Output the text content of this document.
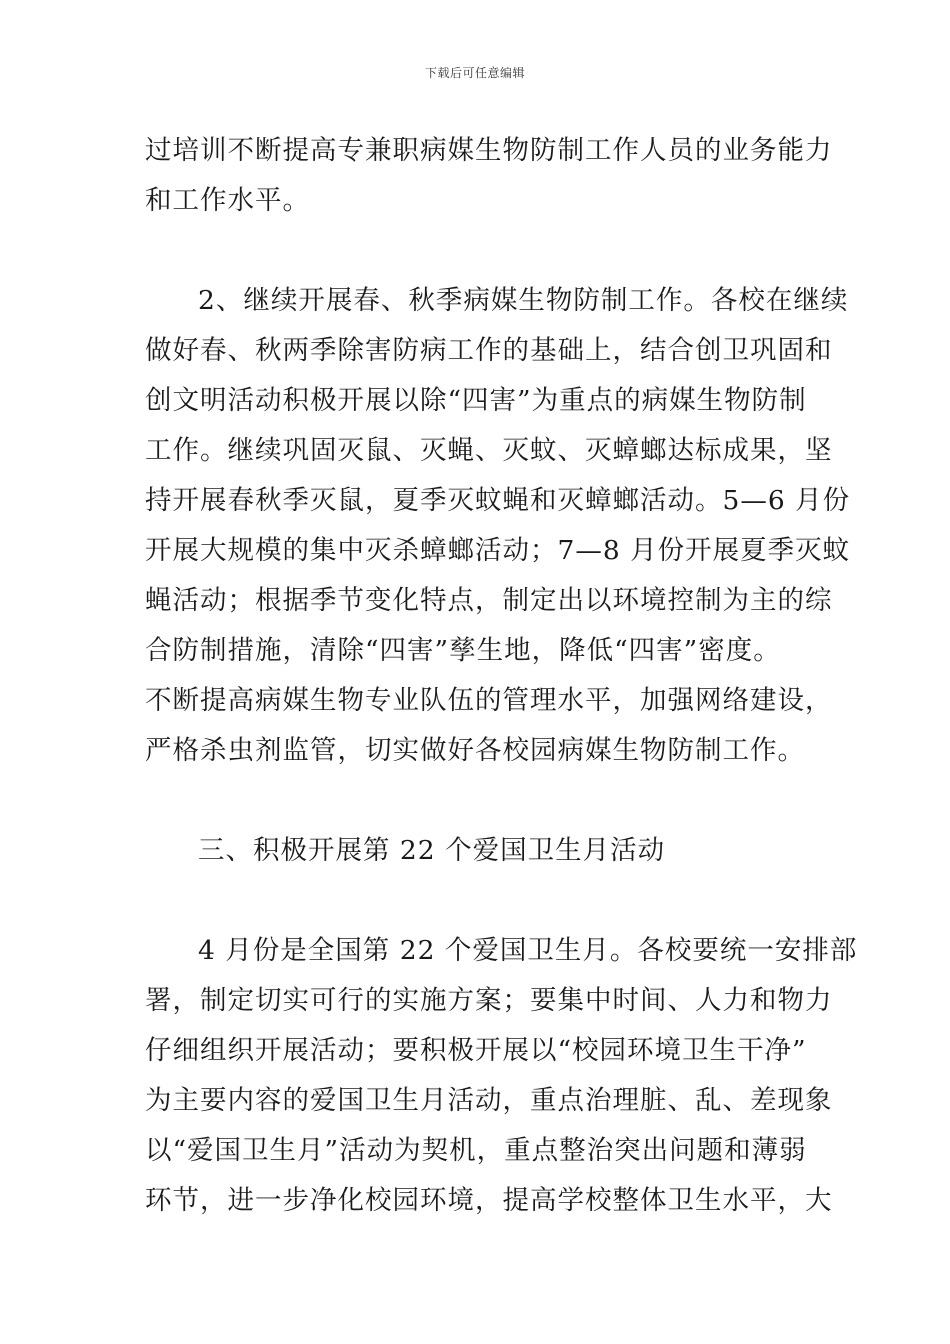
下载后可任意编辑

过培训不断提高专兼职病媒生物防制工作人员的业务能力
和工作水平。

2、继续开展春、秋季病媒生物防制工作。各校在继续
做好春、秋两季除害防病工作的基础上，结合创卫巩固和
创文明活动积极开展以除“四害”为重点的病媒生物防制
工作。继续巩固灭鼠、灭蝇、灭蚊、灭蟑螂达标成果，坚
持开展春秋季灭鼠，夏季灭蚊蝇和灭蟑螂活动。5—6 月份
开展大规模的集中灭杀蟑螂活动；7—8 月份开展夏季灭蚊
蝇活动；根据季节变化特点，制定出以环境控制为主的综
合防制措施，清除“四害”孳生地，降低“四害”密度。
不断提高病媒生物专业队伍的管理水平，加强网络建设，
严格杀虫剂监管，切实做好各校园病媒生物防制工作。

三、积极开展第 22 个爱国卫生月活动

4 月份是全国第 22 个爱国卫生月。各校要统一安排部
署，制定切实可行的实施方案；要集中时间、人力和物力
仔细组织开展活动；要积极开展以“校园环境卫生干净”
为主要内容的爱国卫生月活动，重点治理脏、乱、差现象
以“爱国卫生月”活动为契机，重点整治突出问题和薄弱
环节，进一步净化校园环境，提高学校整体卫生水平，大
